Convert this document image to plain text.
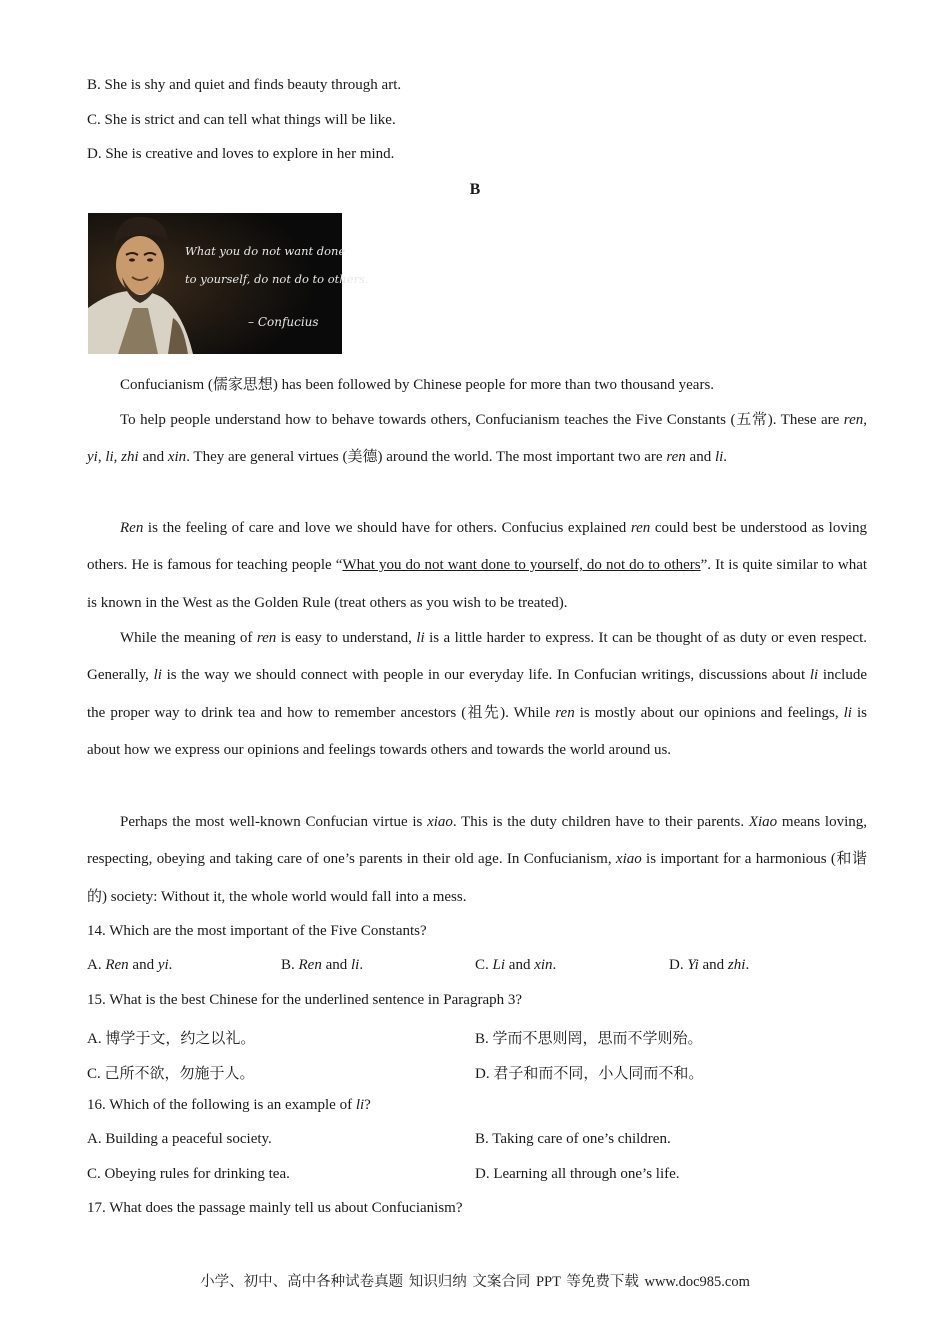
B. She is shy and quiet and finds beauty through art.
C. She is strict and can tell what things will be like.
D. She is creative and loves to explore in her mind.
B
What you do not want done
to yourself, do not do to others.
– Confucius
Confucianism (儒家思想) has been followed by Chinese people for more than two thousand years.
To help people understand how to behave towards others, Confucianism teaches the Five Constants (五常). These are ren, yi, li, zhi and xin. They are general virtues (美德) around the world. The most important two are ren and li.
Ren is the feeling of care and love we should have for others. Confucius explained ren could best be understood as loving others. He is famous for teaching people “What you do not want done to yourself, do not do to others”. It is quite similar to what is known in the West as the Golden Rule (treat others as you wish to be treated).
While the meaning of ren is easy to understand, li is a little harder to express. It can be thought of as duty or even respect. Generally, li is the way we should connect with people in our everyday life. In Confucian writings, discussions about li include the proper way to drink tea and how to remember ancestors (祖先). While ren is mostly about our opinions and feelings, li is about how we express our opinions and feelings towards others and towards the world around us.
Perhaps the most well-known Confucian virtue is xiao. This is the duty children have to their parents. Xiao means loving, respecting, obeying and taking care of one’s parents in their old age. In Confucianism, xiao is important for a harmonious (和谐的) society: Without it, the whole world would fall into a mess.
14. Which are the most important of the Five Constants?
A. Ren and yi.	B. Ren and li.	C. Li and xin.	D. Yi and zhi.
15. What is the best Chinese for the underlined sentence in Paragraph 3?
A. 博学于文，约之以礼。	B. 学而不思则罔，思而不学则殆。
C. 己所不欲，勿施于人。	D. 君子和而不同，小人同而不和。
16. Which of the following is an example of li?
A. Building a peaceful society.	B. Taking care of one’s children.
C. Obeying rules for drinking tea.	D. Learning all through one’s life.
17. What does the passage mainly tell us about Confucianism?
小学、初中、高中各种试卷真题 知识归纳 文案合同 PPT 等免费下载 www.doc985.com
